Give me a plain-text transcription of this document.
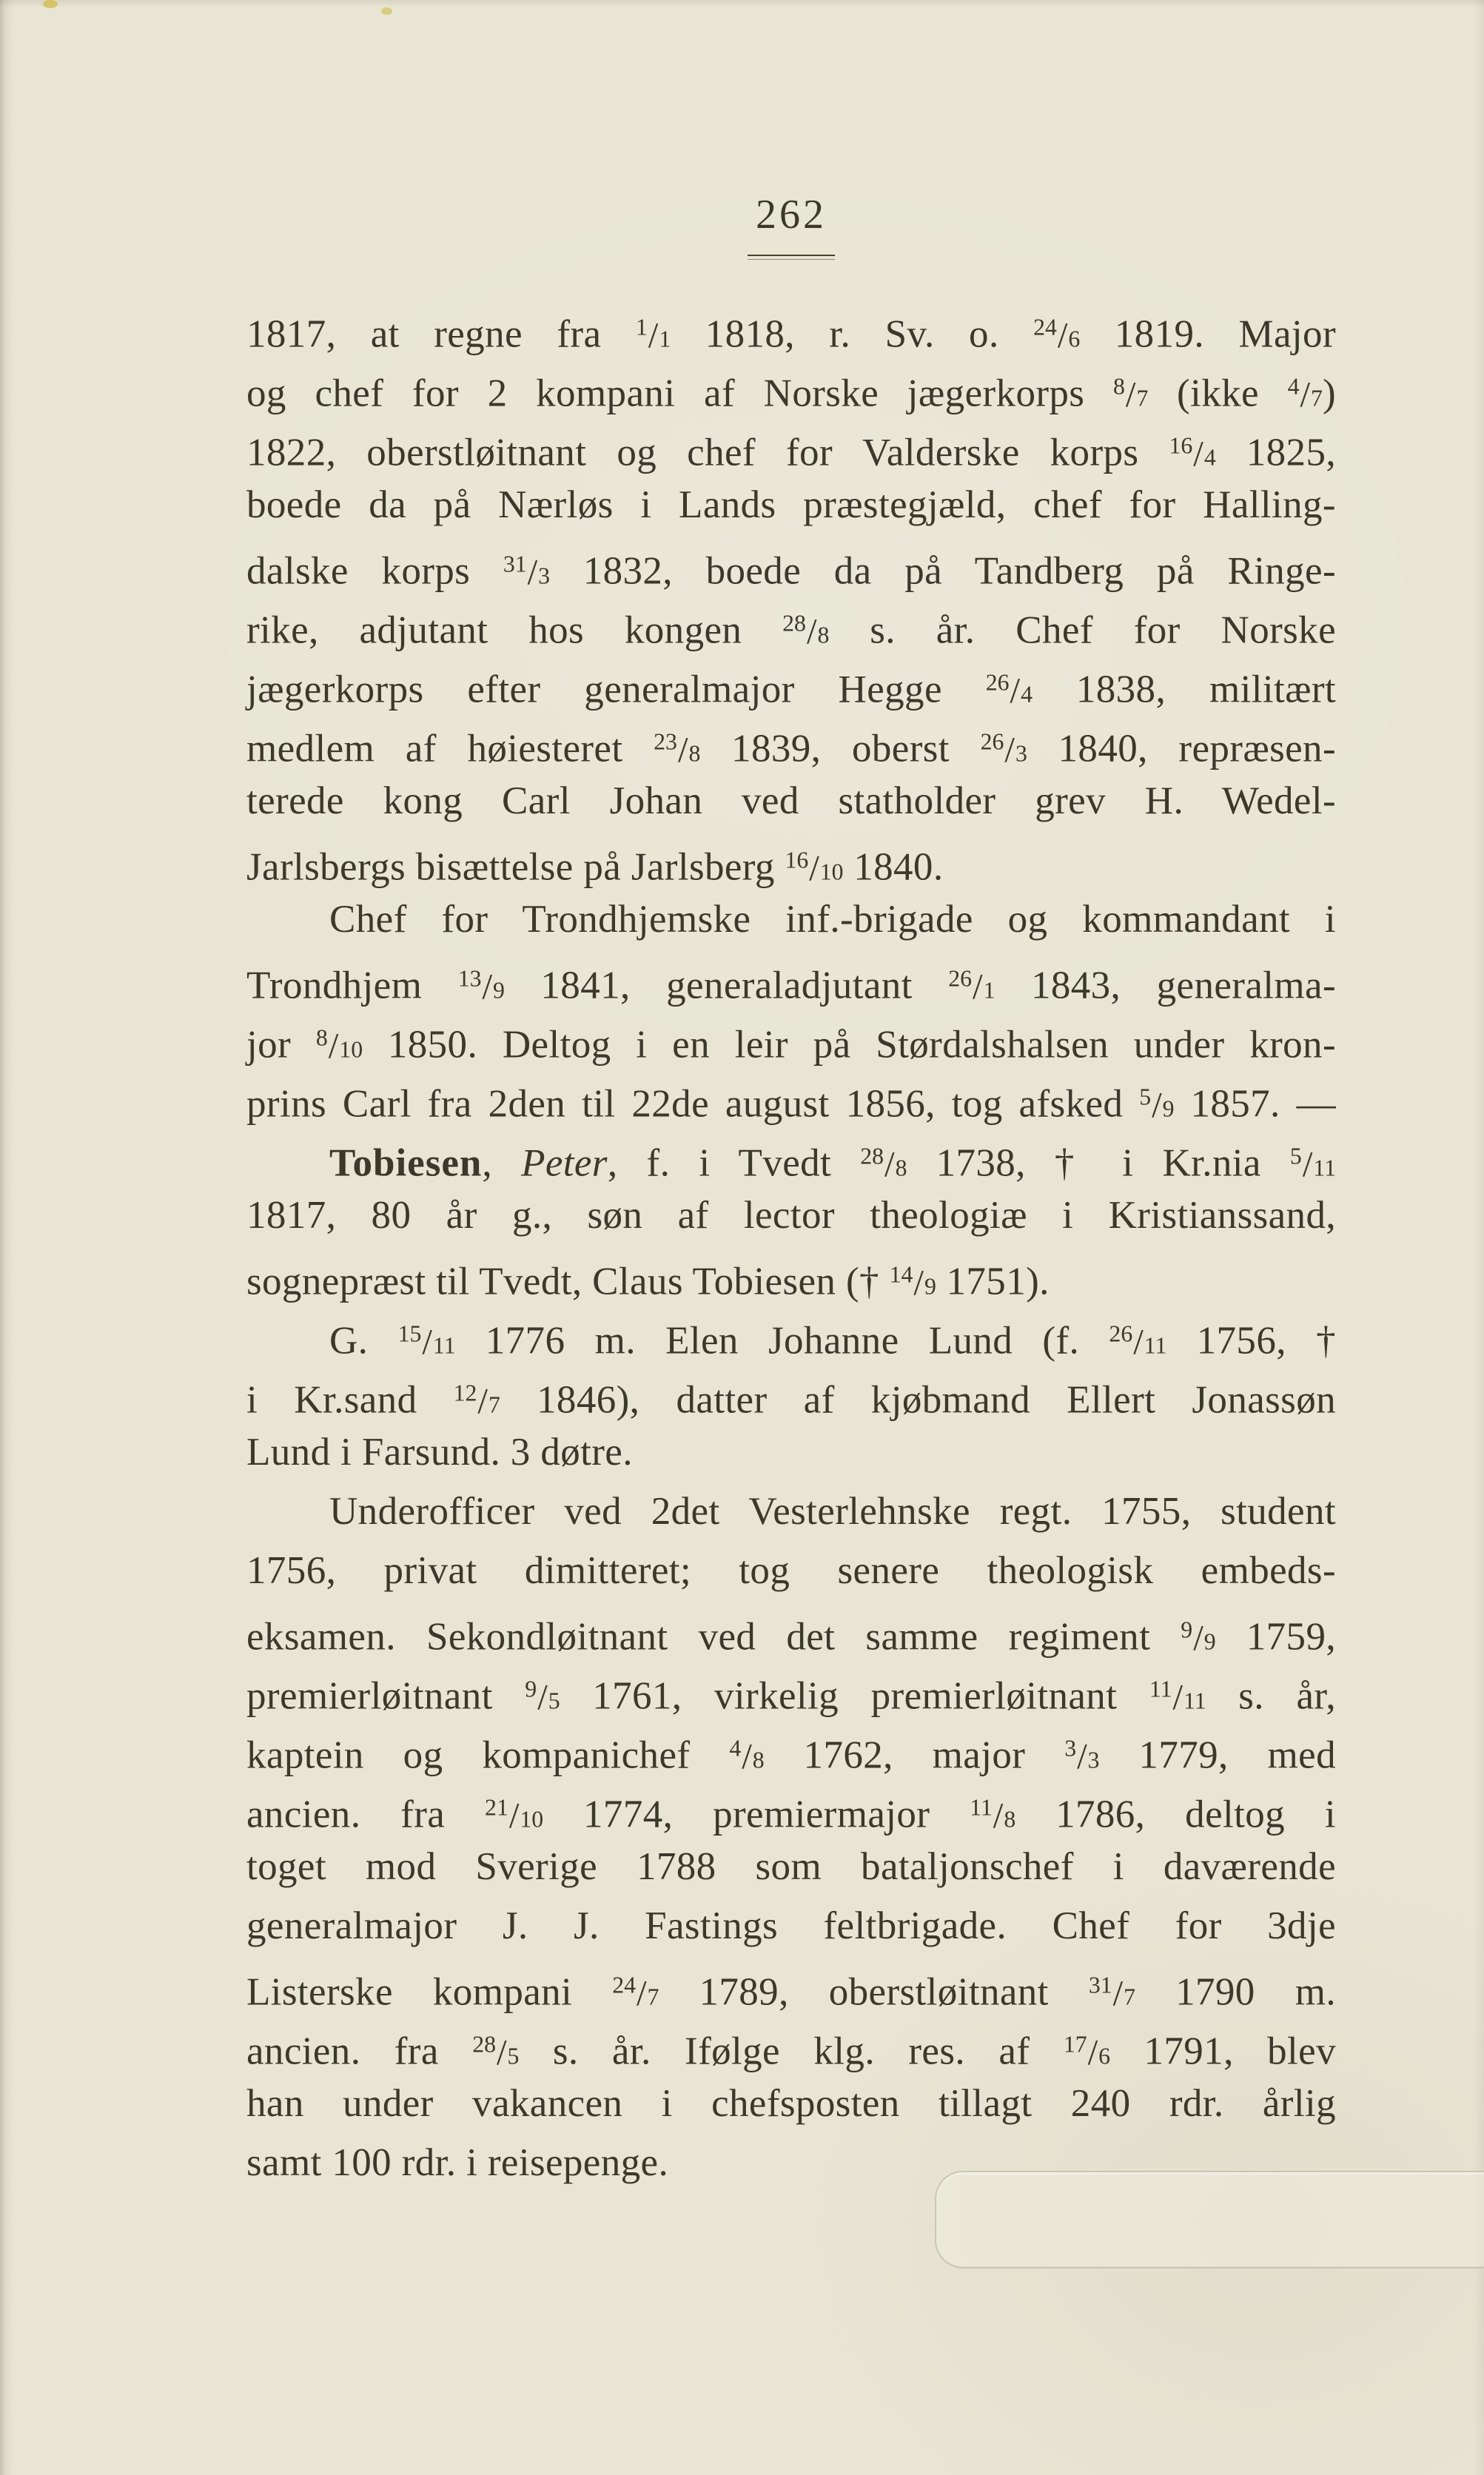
262
1817, at regne fra $^1$/1 1818, r. Sv. o. $^{24}$/6 1819. Major
og chef for 2 kompani af Norske jægerkorps $^8$/7 (ikke $^4$/7)
1822, oberstløitnant og chef for Valderske korps $^{16}$/4 1825,
boede da på Nærløs i Lands præstegjæld, chef for Halling-
dalske korps $^{31}$/3 1832, boede da på Tandberg på Ringe-
rike, adjutant hos kongen $^{28}$/8 s. år. Chef for Norske
jægerkorps efter generalmajor Hegge $^{26}$/4 1838, militært
medlem af høiesteret $^{23}$/8 1839, oberst $^{26}$/3 1840, repræsen-
terede kong Carl Johan ved statholder grev H. Wedel-
Jarlsbergs bisættelse på Jarlsberg $^{16}$/10 1840.
Chef for Trondhjemske inf.-brigade og kommandant i
Trondhjem $^{13}$/9 1841, generaladjutant $^{26}$/1 1843, generalma-
jor $^8$/10 1850. Deltog i en leir på Størdalshalsen under kron-
prins Carl fra 2den til 22de august 1856, tog afsked $^5$/9 1857. —
Tobiesen, Peter, f. i Tvedt $^{28}$/8 1738, † i Kr.nia $^5$/11
1817, 80 år g., søn af lector theologiæ i Kristianssand,
sognepræst til Tvedt, Claus Tobiesen († $^{14}$/9 1751).
G. $^{15}$/11 1776 m. Elen Johanne Lund (f. $^{26}$/11 1756, †
i Kr.sand $^{12}$/7 1846), datter af kjøbmand Ellert Jonassøn
Lund i Farsund. 3 døtre.
Underofficer ved 2det Vesterlehnske regt. 1755, student
1756, privat dimitteret; tog senere theologisk embeds-
eksamen. Sekondløitnant ved det samme regiment $^9$/9 1759,
premierløitnant $^9$/5 1761, virkelig premierløitnant $^{11}$/11 s. år,
kaptein og kompanichef $^4$/8 1762, major $^3$/3 1779, med
ancien. fra $^{21}$/10 1774, premiermajor $^{11}$/8 1786, deltog i
toget mod Sverige 1788 som bataljonschef i daværende
generalmajor J. J. Fastings feltbrigade. Chef for 3dje
Listerske kompani $^{24}$/7 1789, oberstløitnant $^{31}$/7 1790 m.
ancien. fra $^{28}$/5 s. år. Ifølge klg. res. af $^{17}$/6 1791, blev
han under vakancen i chefsposten tillagt 240 rdr. årlig
samt 100 rdr. i reisepenge.
